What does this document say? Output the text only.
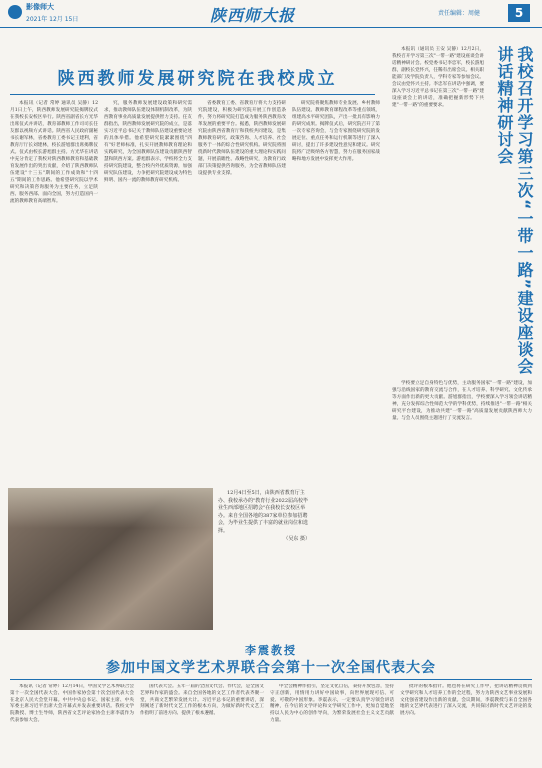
影像师大
2021年 12月 15日	陕西师大报	责任编辑：周健	5
陕西教师发展研究院在我校成立

本报讯（记者 常婷 通讯员 吴静）12月1日上午，陕西教师发展研究院揭牌仪式在我校长安校区举行。陕西省副省长方光华出席仪式并讲话，教育部教师工作司司长任友群以视频方式讲话。陕西省人民政府副秘书长谢军林，省委教育工委书记王建利，省教育厅厅长刘建林，校长游旭群出席揭牌仪式。仪式由校长游旭群主持。方光华在讲话中充分肯定了我校对陕西教师教育和基础教育发展作出的突出贡献，介绍了陕西教师队伍建设"十三五"期间的工作成效和"十四五"期间的工作思路。他希望研究院以学术研究和决策咨询服务为主要任务，立足陕西、服务西部、面向全国，努力打造国内一流的教师教育高端智库。

究，服务教师发展建设政策和研究需求，推动教师队伍建设体制机制改革，为陕西教育事业高质量发展提供智力支持。任友群指出，陕西教师发展研究院的成立，是落实习近平总书记关于教师队伍建设重要论述的具体举措。他希望研究院紧紧围绕"四有"好老师标准，扎实开展教师教育理论和实践研究，为全国教师队伍建设贡献陕西智慧和陕西方案。游旭群表示，学校将全力支持研究院建设，整合校内外优质资源，加强研究队伍建设，力争把研究院建设成为特色鲜明、国内一流的教师教育研究机构。

省委教育工委、省教育厅将大力支持研究院建设，积极为研究院开展工作创造条件，努力将研究院打造成为服务陕西教育改革发展的重要平台。据悉，陕西教师发展研究院由陕西省教育厅和我校共同建设，是集教师教育研究、政策咨询、人才培养、社会服务于一体的综合性研究机构。研究院将围绕新时代教师队伍建设的重大理论和实践问题，开展前瞻性、战略性研究，为教育行政部门决策提供咨询服务，为全省教师队伍建设提供专业支撑。

研究院将聚焦教师专业发展、乡村教师队伍建设、教师教育课程改革等重点领域，组建高水平研究团队，产出一批具有影响力的研究成果。揭牌仪式后，研究院召开了第一次专家咨询会，与会专家围绕研究院的发展定位、重点任务和运行机制等进行了深入研讨，提出了许多建设性意见和建议。研究院将广泛吸纳各方智慧，努力在服务国家战略和地方发展中发挥更大作用。

12月4日至5日，由陕西省教育厅主办、我校承办的"教育行业2022届高校毕业生西部地区招聘会"在我校长安校区举办。来自全国各地的387家单位参加招聘会，为毕业生提供了丰富的就业岗位和选择。

（吴东 摄）
我校召开学习第三次“一带一路”建设座谈会讲话精神研讨会

本报讯（通讯员 王安 吴静）12月2日，我校召开学习第三次"一带一路"建设座谈会讲话精神研讨会。校党委书记李忠军，校长游旭群，副校长党怀兴，任稀有出席会议。相关职能部门及学院负责人，学科专家等参加会议。会议由党怀兴主持。李忠军在讲话中强调，要深入学习习近平总书记在第三次"一带一路"建设座谈会上的讲话，准确把握新形势下共建"一带一路"的重要要求。

学校要立足自身特色与优势，主动服务国家"一带一路"建设，加强与沿线国家的教育交流与合作，在人才培养、科学研究、文化传承等方面作出新的更大贡献。游旭群指出，学校要深入学习领会讲话精神，充分发挥综合性师范大学的学科优势，持续推进"一带一路"相关研究平台建设，为推动共建"一带一路"高质量发展贡献陕西师大力量。与会人员围绕主题进行了交流发言。

李震教授
参加中国文学艺术界联合会第十一次全国代表大会

本报讯（记者 常婷）12月14日，中国文学艺术界联合会第十一次全国代表大会、中国作家协会第十次全国代表大会在北京人民大会堂开幕。中共中央总书记、国家主席、中央军委主席习近平出席大会开幕式并发表重要讲话。我校文学院教授、博士生导师，陕西省文艺评论家协会主席李震作为代表参加大会。

国代表大会。五年一届的全国文代会、作代会，是全国文艺界和作家的盛会。来自全国各地的文艺工作者代表齐聚一堂，共商文艺繁荣发展大计。习近平总书记的重要讲话，深刻阐述了新时代文艺工作的根本方向，为做好新时代文艺工作指明了前进方向、提供了根本遵循。

中全会精神作指引，坚定文化自信，秉持开放包容，坚持守正创新，用情用力讲好中国故事，向世界展现可信、可爱、可敬的中国形象。李震表示，一定要认真学习领会讲话精神，在今后的文学评论和文学研究工作中，更加自觉地坚持以人民为中心的创作导向，为繁荣发展社会主义文艺贡献力量。

批评的根本指针。他也将在研究工作中，把讲话精神贯彻到文学研究和人才培养工作的全过程，努力为陕西文艺事业发展和文化强省建设作出新的贡献。会议期间，李震教授与来自全国各地的文艺界代表进行了深入交流，共同探讨新时代文艺评论的发展方向。
